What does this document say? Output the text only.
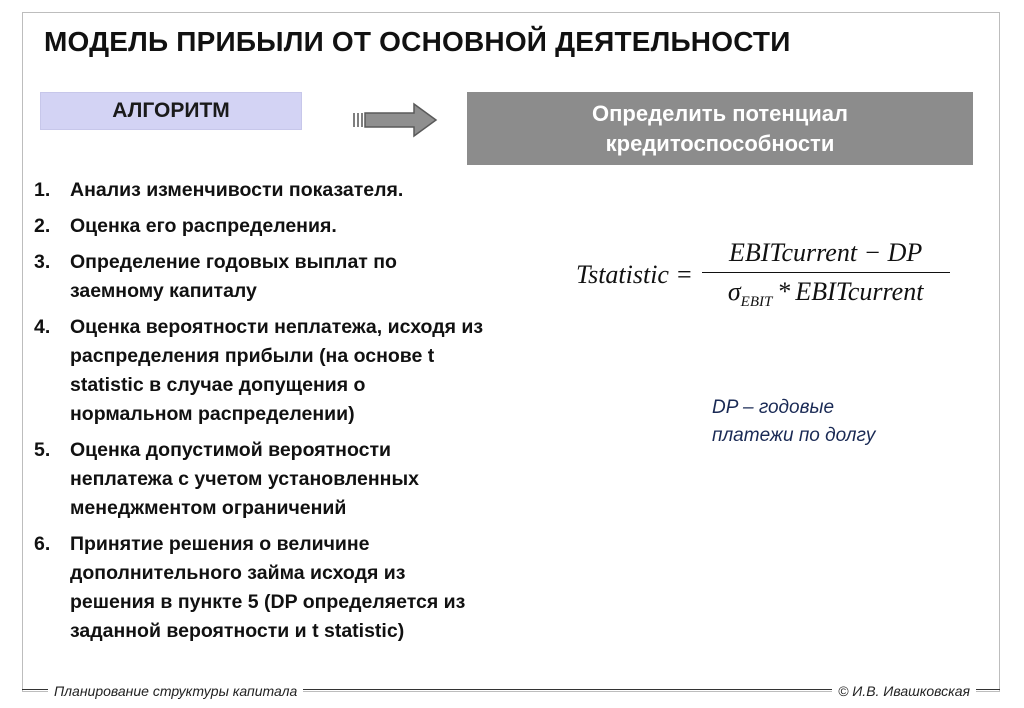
МОДЕЛЬ ПРИБЫЛИ ОТ ОСНОВНОЙ ДЕЯТЕЛЬНОСТИ
АЛГОРИТМ	Определить потенциал
кредитоспособности
1.	Анализ изменчивости показателя.
2.	Оценка его распределения.
3.	Определение годовых выплат по
заемному капиталу
4.	Оценка вероятности неплатежа, исходя из
распределения прибыли (на основе t
statistic в случае допущения о
нормальном распределении)
5.	Оценка допустимой вероятности
неплатежа с учетом установленных
менеджментом ограничений
6.	Принятие решения о величине
дополнительного займа исходя из
решения в пункте 5 (DP определяется из
заданной вероятности и t statistic)
Tstatistic = $\frac{\text{EBITcurrent − DP}}{\sigma_{EBIT} * EBITcurrent}$
DP – годовые
платежи по долгу
Планирование структуры капитала	© И.В. Ивашковская
